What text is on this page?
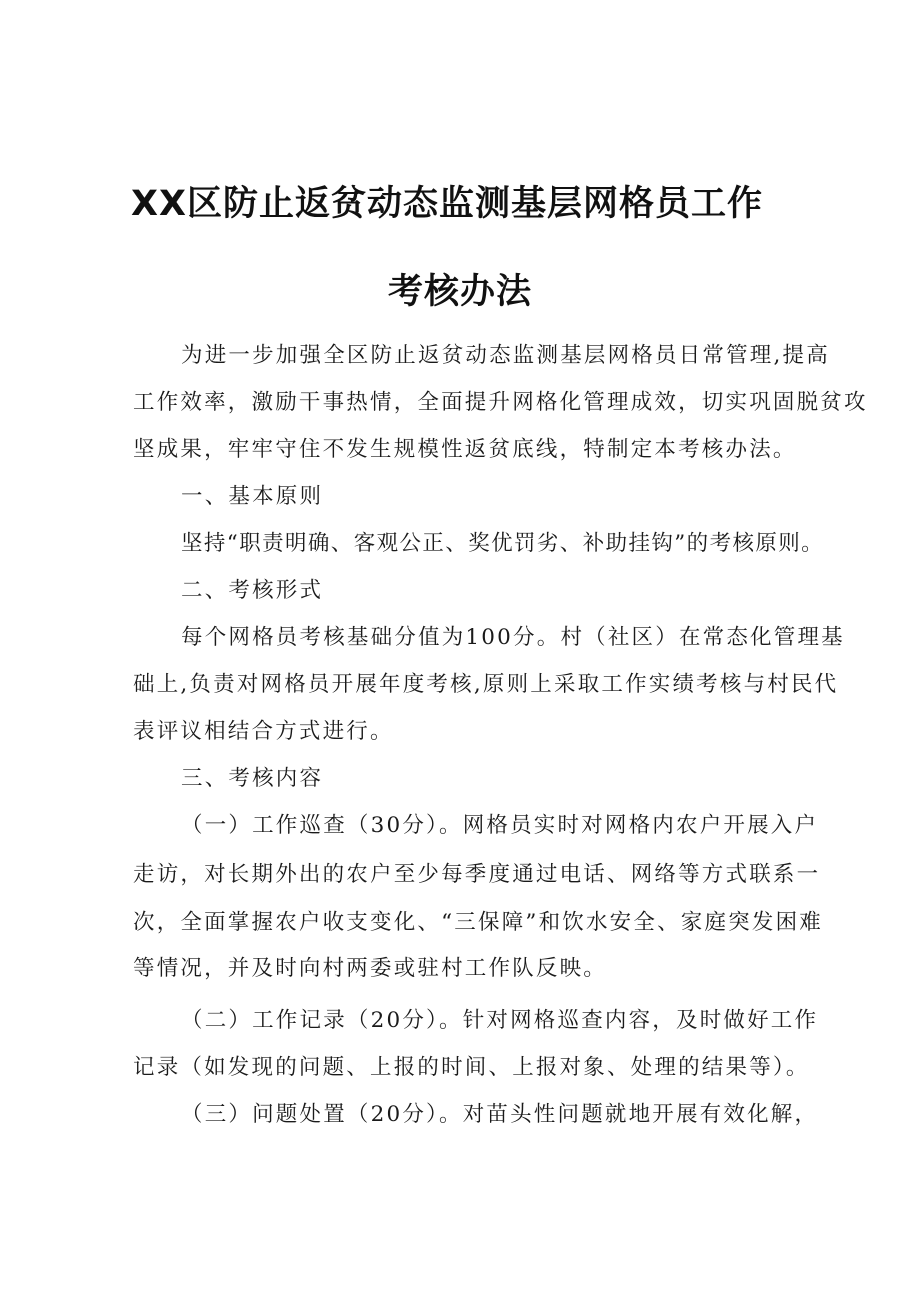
XX区防止返贫动态监测基层网格员工作
考核办法
为进一步加强全区防止返贫动态监测基层网格员日常管理,提高
工作效率，激励干事热情，全面提升网格化管理成效，切实巩固脱贫攻
坚成果，牢牢守住不发生规模性返贫底线，特制定本考核办法。
一、基本原则
坚持“职责明确、客观公正、奖优罚劣、补助挂钩”的考核原则。
二、考核形式
每个网格员考核基础分值为100分。村（社区）在常态化管理基
础上,负责对网格员开展年度考核,原则上采取工作实绩考核与村民代
表评议相结合方式进行。
三、考核内容
（一）工作巡查（30分）。网格员实时对网格内农户开展入户
走访，对长期外出的农户至少每季度通过电话、网络等方式联系一
次，全面掌握农户收支变化、“三保障”和饮水安全、家庭突发困难
等情况，并及时向村两委或驻村工作队反映。
（二）工作记录（20分）。针对网格巡查内容，及时做好工作
记录（如发现的问题、上报的时间、上报对象、处理的结果等）。
（三）问题处置（20分）。对苗头性问题就地开展有效化解，
